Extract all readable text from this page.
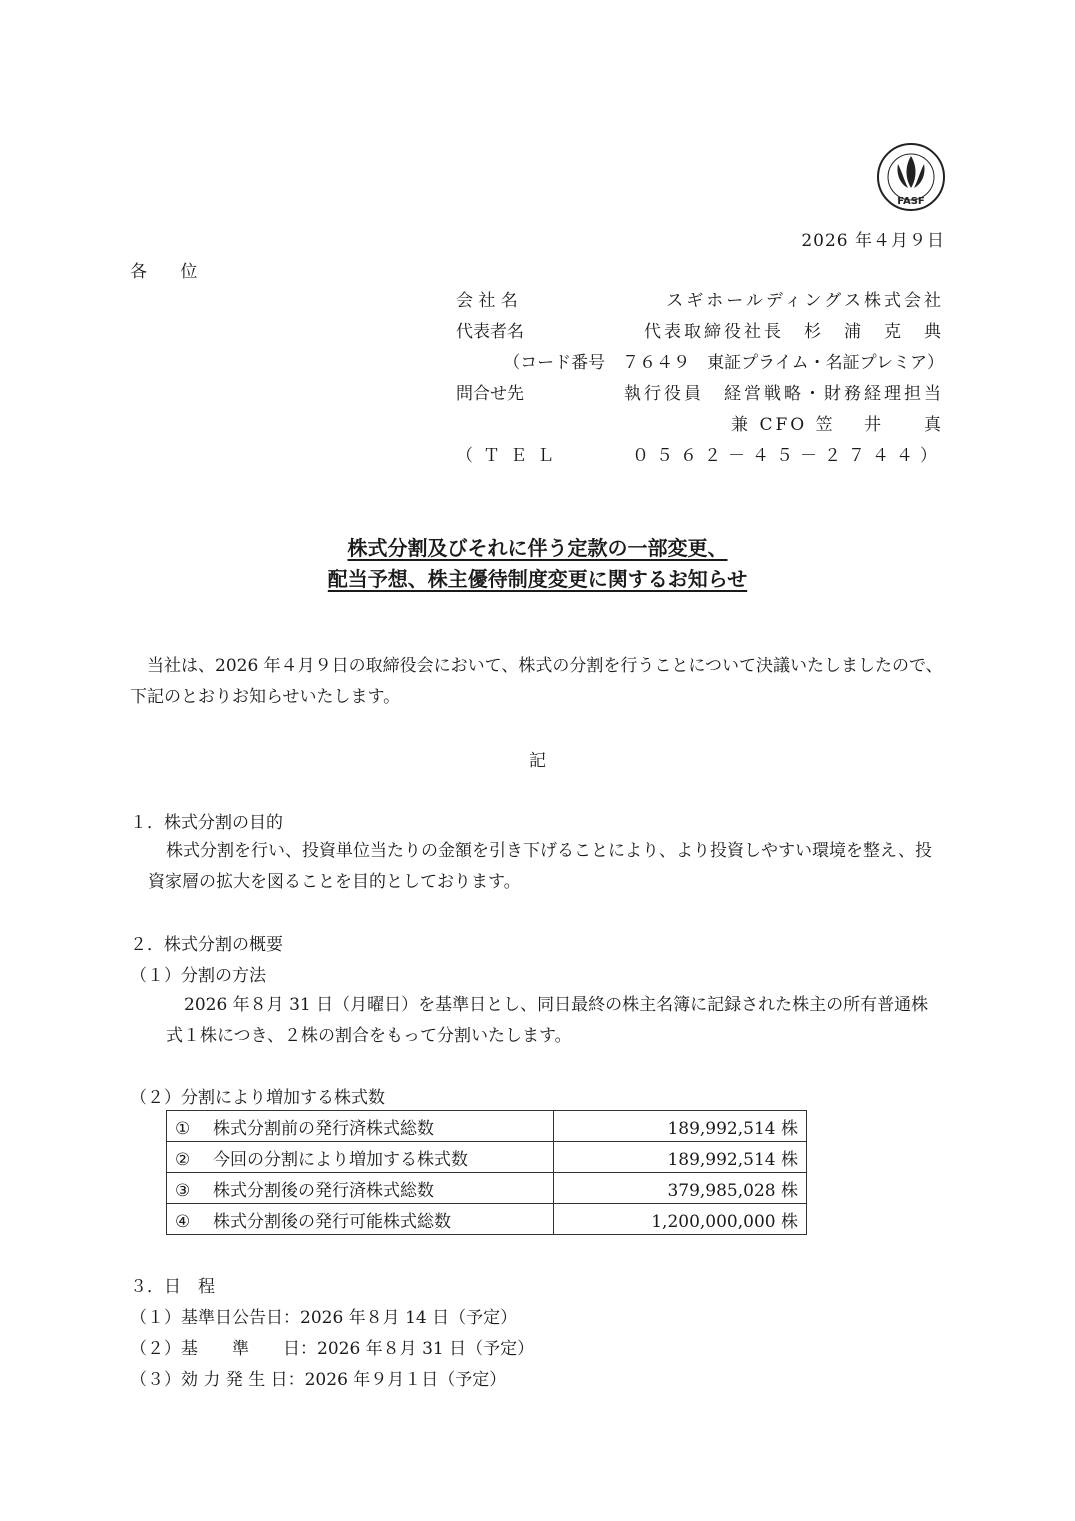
FASF
2026 年４月９日
各 位
会 社 名	スギホールディングス株式会社
代表者名	代表取締役社長　杉　浦　克　典
（コード番号　７６４９　東証プライム・名証プレミア）
問合せ先	執行役員　経営戦略・財務経理担当
兼 CFO 笠　 井　　真
（ＴＥＬ	０５６２－４５－２７４４）
株式分割及びそれに伴う定款の一部変更、
配当予想、株主優待制度変更に関するお知らせ
当社は、2026 年４月９日の取締役会において、株式の分割を行うことについて決議いたしましたので、下記のとおりお知らせいたします。
記
１．株式分割の目的
株式分割を行い、投資単位当たりの金額を引き下げることにより、より投資しやすい環境を整え、投資家層の拡大を図ることを目的としております。
２．株式分割の概要
（１）分割の方法
2026 年８月 31 日（月曜日）を基準日とし、同日最終の株主名簿に記録された株主の所有普通株式１株につき、２株の割合をもって分割いたします。
（２）分割により増加する株式数
① 株式分割前の発行済株式総数	189,992,514 株
② 今回の分割により増加する株式数	189,992,514 株
③ 株式分割後の発行済株式総数	379,985,028 株
④ 株式分割後の発行可能株式総数	1,200,000,000 株
３．日　程
（１）基準日公告日：2026 年８月 14 日（予定）
（２）基　　準　　日：2026 年８月 31 日（予定）
（３）効 力 発 生 日：2026 年９月１日（予定）
